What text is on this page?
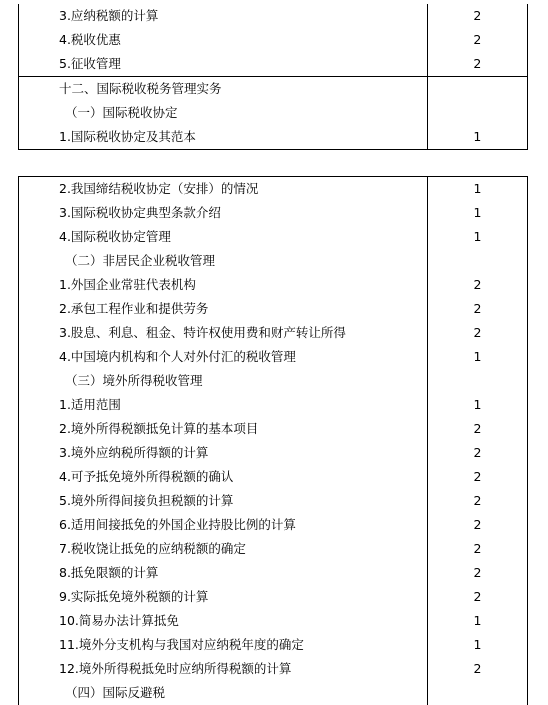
3.应纳税额的计算	2
4.税收优惠	2
5.征收管理	2
十二、国际税收税务管理实务	
（一）国际税收协定	
1.国际税收协定及其范本	1
2.我国缔结税收协定（安排）的情况	1
3.国际税收协定典型条款介绍	1
4.国际税收协定管理	1
（二）非居民企业税收管理	
1.外国企业常驻代表机构	2
2.承包工程作业和提供劳务	2
3.股息、利息、租金、特许权使用费和财产转让所得	2
4.中国境内机构和个人对外付汇的税收管理	1
（三）境外所得税收管理	
1.适用范围	1
2.境外所得税额抵免计算的基本项目	2
3.境外应纳税所得额的计算	2
4.可予抵免境外所得税额的确认	2
5.境外所得间接负担税额的计算	2
6.适用间接抵免的外国企业持股比例的计算	2
7.税收饶让抵免的应纳税额的确定	2
8.抵免限额的计算	2
9.实际抵免境外税额的计算	2
10.简易办法计算抵免	1
11.境外分支机构与我国对应纳税年度的确定	1
12.境外所得税抵免时应纳所得税额的计算	2
（四）国际反避税	
